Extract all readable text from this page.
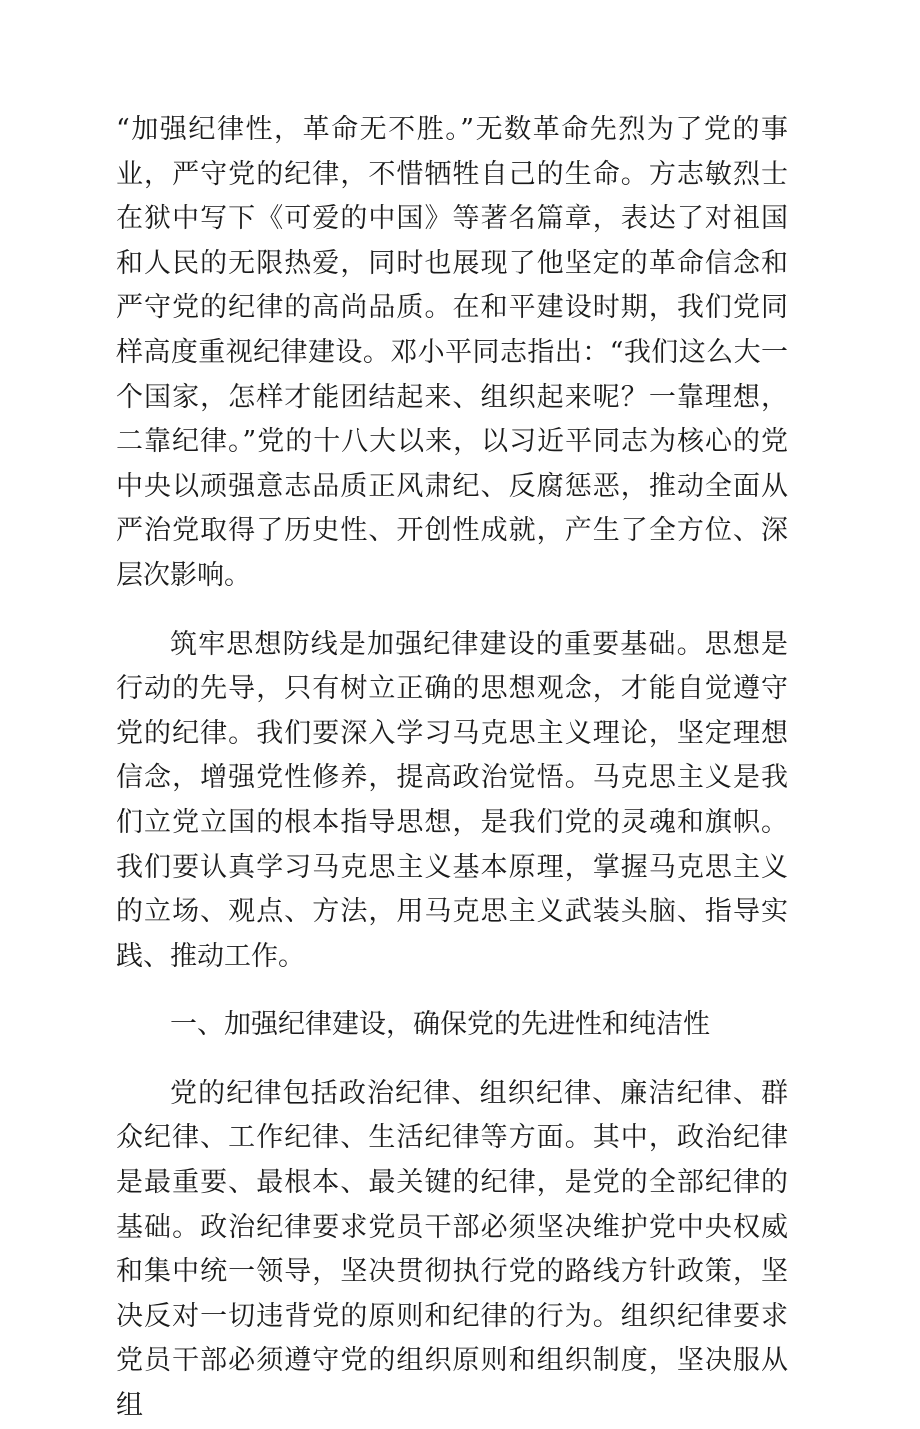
“加强纪律性，革命无不胜。”无数革命先烈为了党的事业，严守党的纪律，不惜牺牲自己的生命。方志敏烈士在狱中写下《可爱的中国》等著名篇章，表达了对祖国和人民的无限热爱，同时也展现了他坚定的革命信念和严守党的纪律的高尚品质。在和平建设时期，我们党同样高度重视纪律建设。邓小平同志指出：“我们这么大一个国家，怎样才能团结起来、组织起来呢？一靠理想，二靠纪律。”党的十八大以来，以习近平同志为核心的党中央以顽强意志品质正风肃纪、反腐惩恶，推动全面从严治党取得了历史性、开创性成就，产生了全方位、深层次影响。

筑牢思想防线是加强纪律建设的重要基础。思想是行动的先导，只有树立正确的思想观念，才能自觉遵守党的纪律。我们要深入学习马克思主义理论，坚定理想信念，增强党性修养，提高政治觉悟。马克思主义是我们立党立国的根本指导思想，是我们党的灵魂和旗帜。我们要认真学习马克思主义基本原理，掌握马克思主义的立场、观点、方法，用马克思主义武装头脑、指导实践、推动工作。

一、加强纪律建设，确保党的先进性和纯洁性

党的纪律包括政治纪律、组织纪律、廉洁纪律、群众纪律、工作纪律、生活纪律等方面。其中，政治纪律是最重要、最根本、最关键的纪律，是党的全部纪律的基础。政治纪律要求党员干部必须坚决维护党中央权威和集中统一领导，坚决贯彻执行党的路线方针政策，坚决反对一切违背党的原则和纪律的行为。组织纪律要求党员干部必须遵守党的组织原则和组织制度，坚决服从组
